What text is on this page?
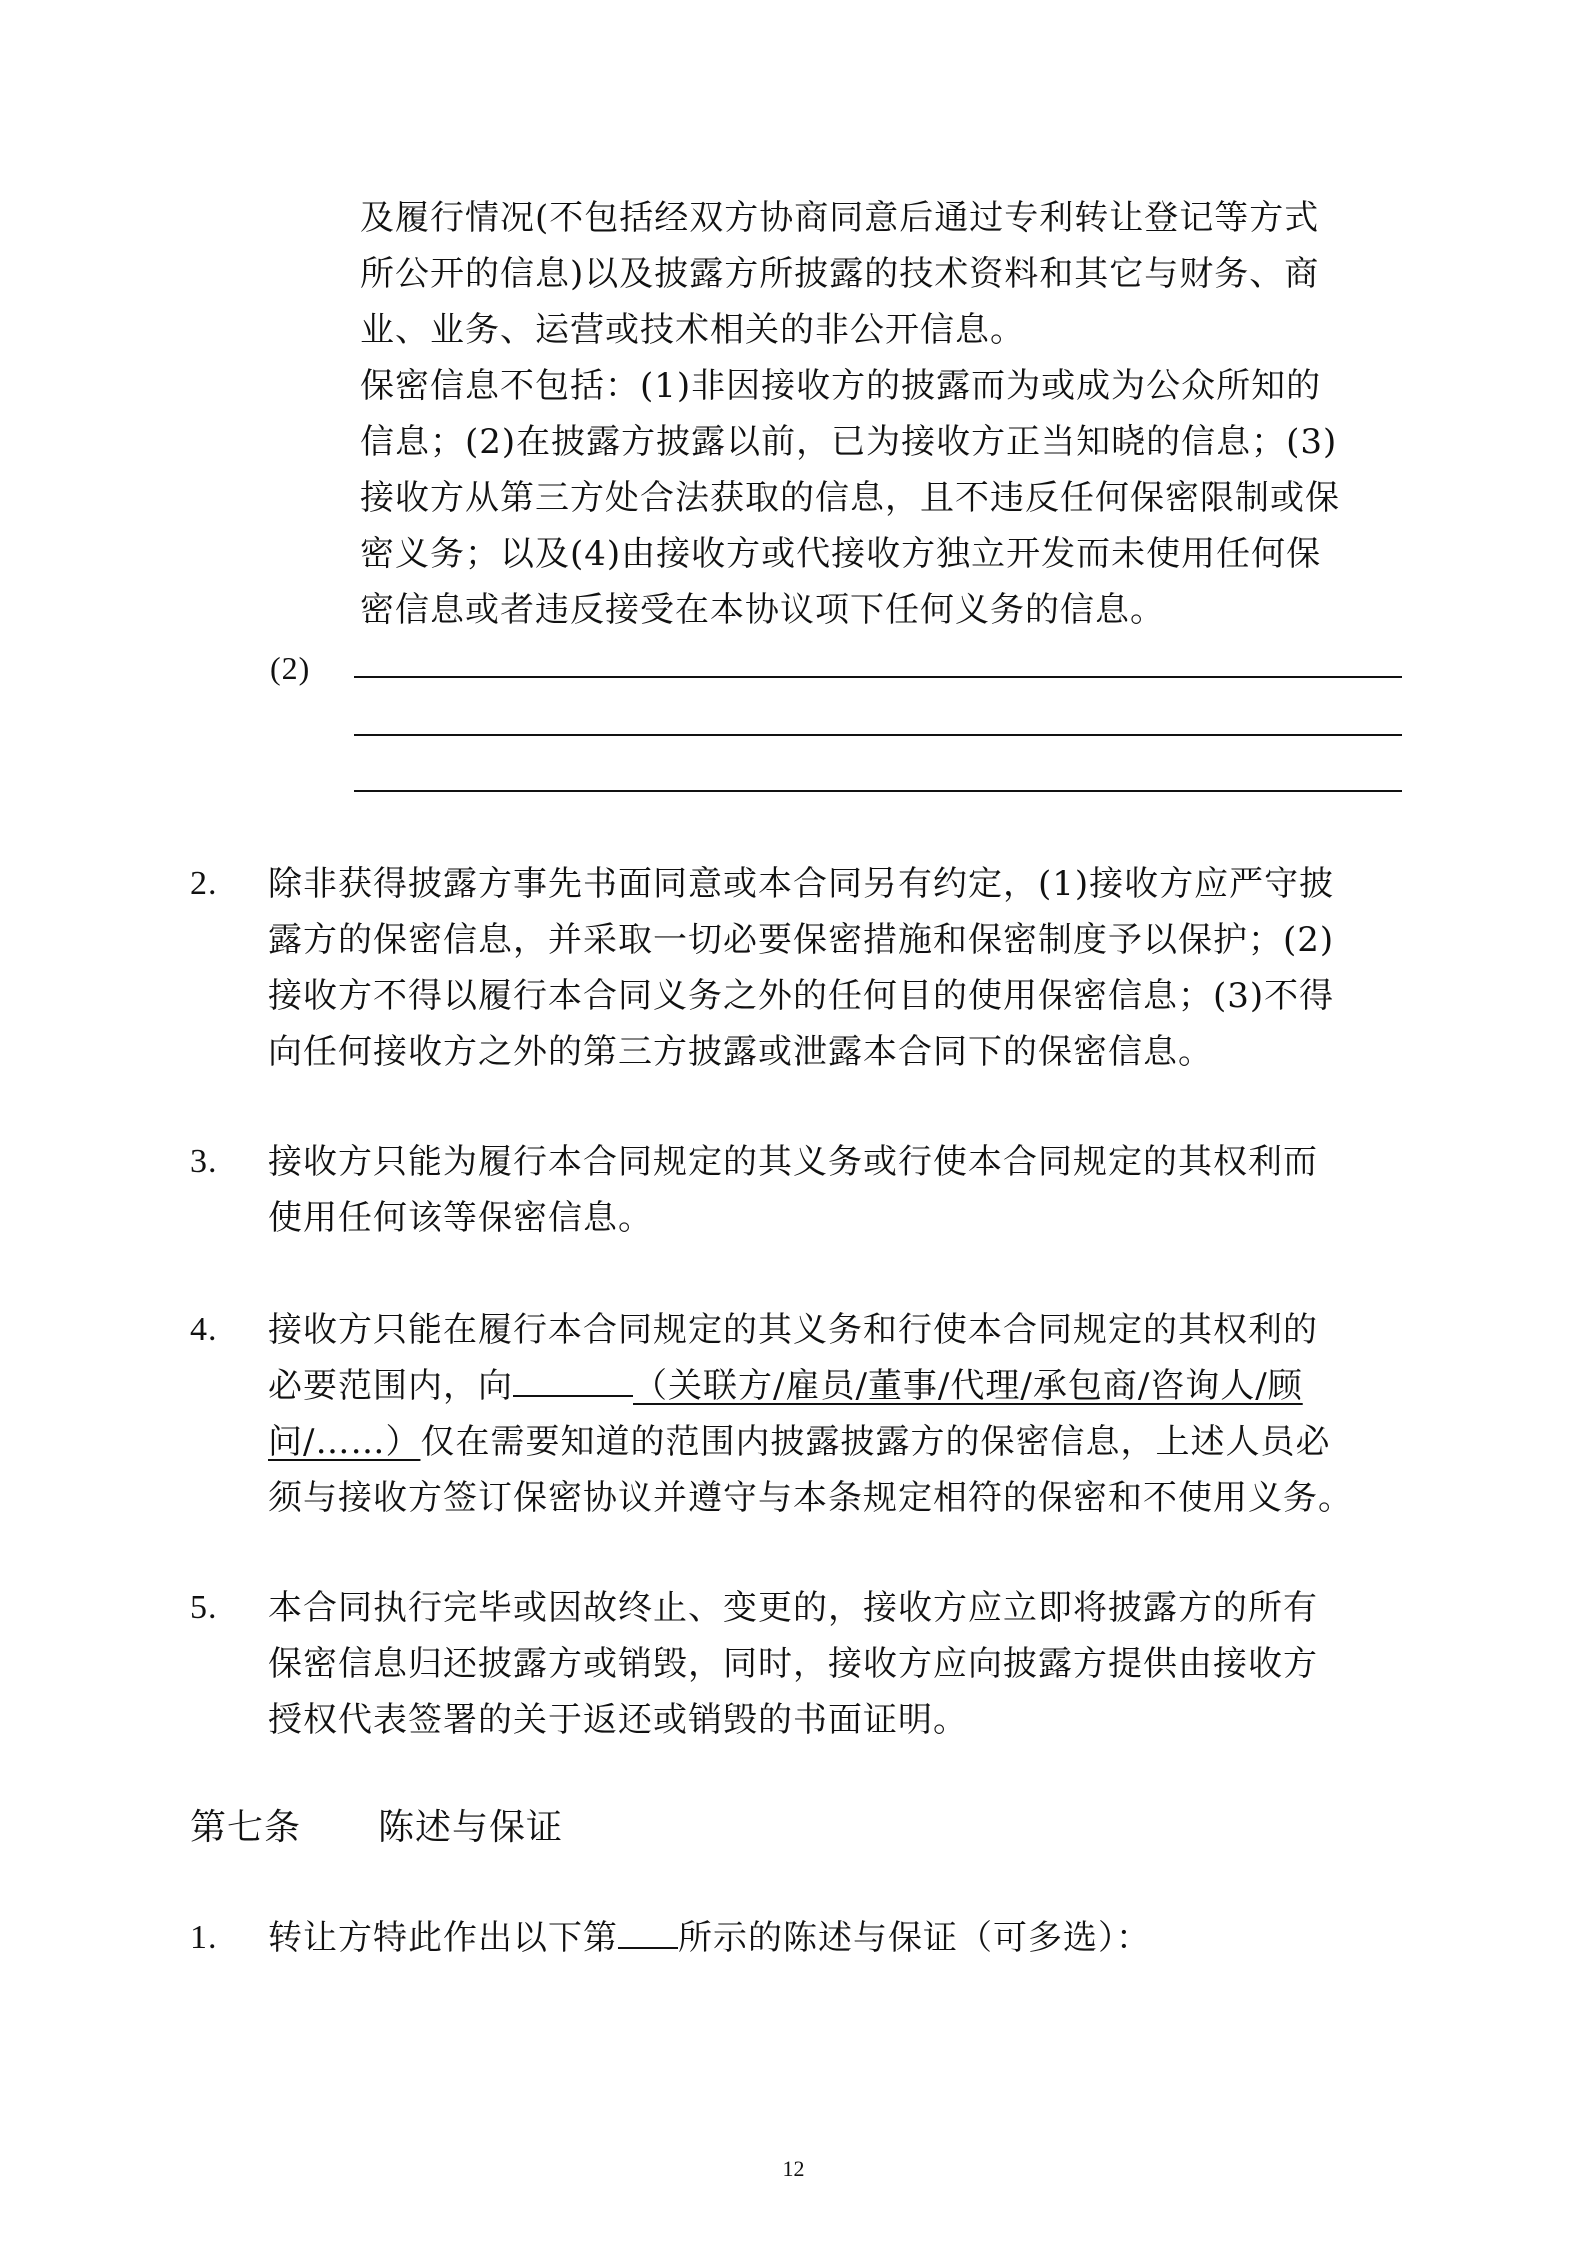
及履行情况(不包括经双方协商同意后通过专利转让登记等方式
所公开的信息)以及披露方所披露的技术资料和其它与财务、商
业、业务、运营或技术相关的非公开信息。
保密信息不包括：(1)非因接收方的披露而为或成为公众所知的
信息；(2)在披露方披露以前，已为接收方正当知晓的信息；(3)
接收方从第三方处合法获取的信息，且不违反任何保密限制或保
密义务；以及(4)由接收方或代接收方独立开发而未使用任何保
密信息或者违反接受在本协议项下任何义务的信息。
(2)
2. 除非获得披露方事先书面同意或本合同另有约定，(1)接收方应严守披
露方的保密信息，并采取一切必要保密措施和保密制度予以保护；(2)
接收方不得以履行本合同义务之外的任何目的使用保密信息；(3)不得
向任何接收方之外的第三方披露或泄露本合同下的保密信息。
3. 接收方只能为履行本合同规定的其义务或行使本合同规定的其权利而
使用任何该等保密信息。
4. 接收方只能在履行本合同规定的其义务和行使本合同规定的其权利的
必要范围内，向	（关联方/雇员/董事/代理/承包商/咨询人/顾
问/……）仅在需要知道的范围内披露披露方的保密信息，上述人员必
须与接收方签订保密协议并遵守与本条规定相符的保密和不使用义务。
5. 本合同执行完毕或因故终止、变更的，接收方应立即将披露方的所有
保密信息归还披露方或销毁，同时，接收方应向披露方提供由接收方
授权代表签署的关于返还或销毁的书面证明。
第七条 陈述与保证
1. 转让方特此作出以下第 所示的陈述与保证（可多选）：
12
